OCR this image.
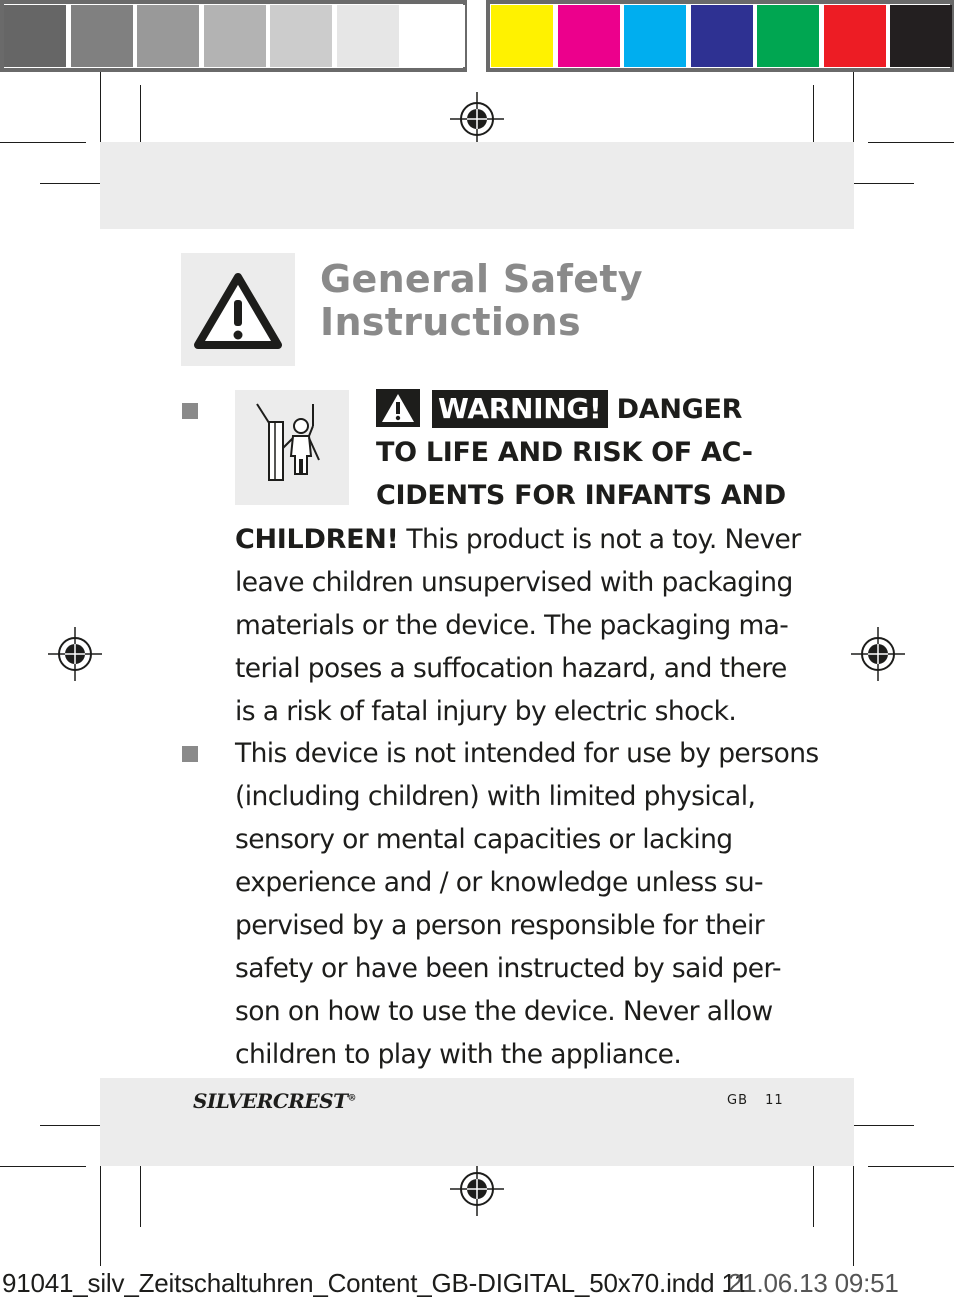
General Safety
Instructions
WARNING! DANGER
TO LIFE AND RISK OF AC-
CIDENTS FOR INFANTS AND
CHILDREN! This product is not a toy. Never
leave children unsupervised with packaging
materials or the device. The packaging ma-
terial poses a suffocation hazard, and there
is a risk of fatal injury by electric shock.
This device is not intended for use by persons
(including children) with limited physical,
sensory or mental capacities or lacking
experience and / or knowledge unless su-
pervised by a person responsible for their
safety or have been instructed by said per-
son on how to use the device. Never allow
children to play with the appliance.
SILVERCREST®	GB 11
91041_silv_Zeitschaltuhren_Content_GB-DIGITAL_50x70.indd 11
21.06.13 09:51
